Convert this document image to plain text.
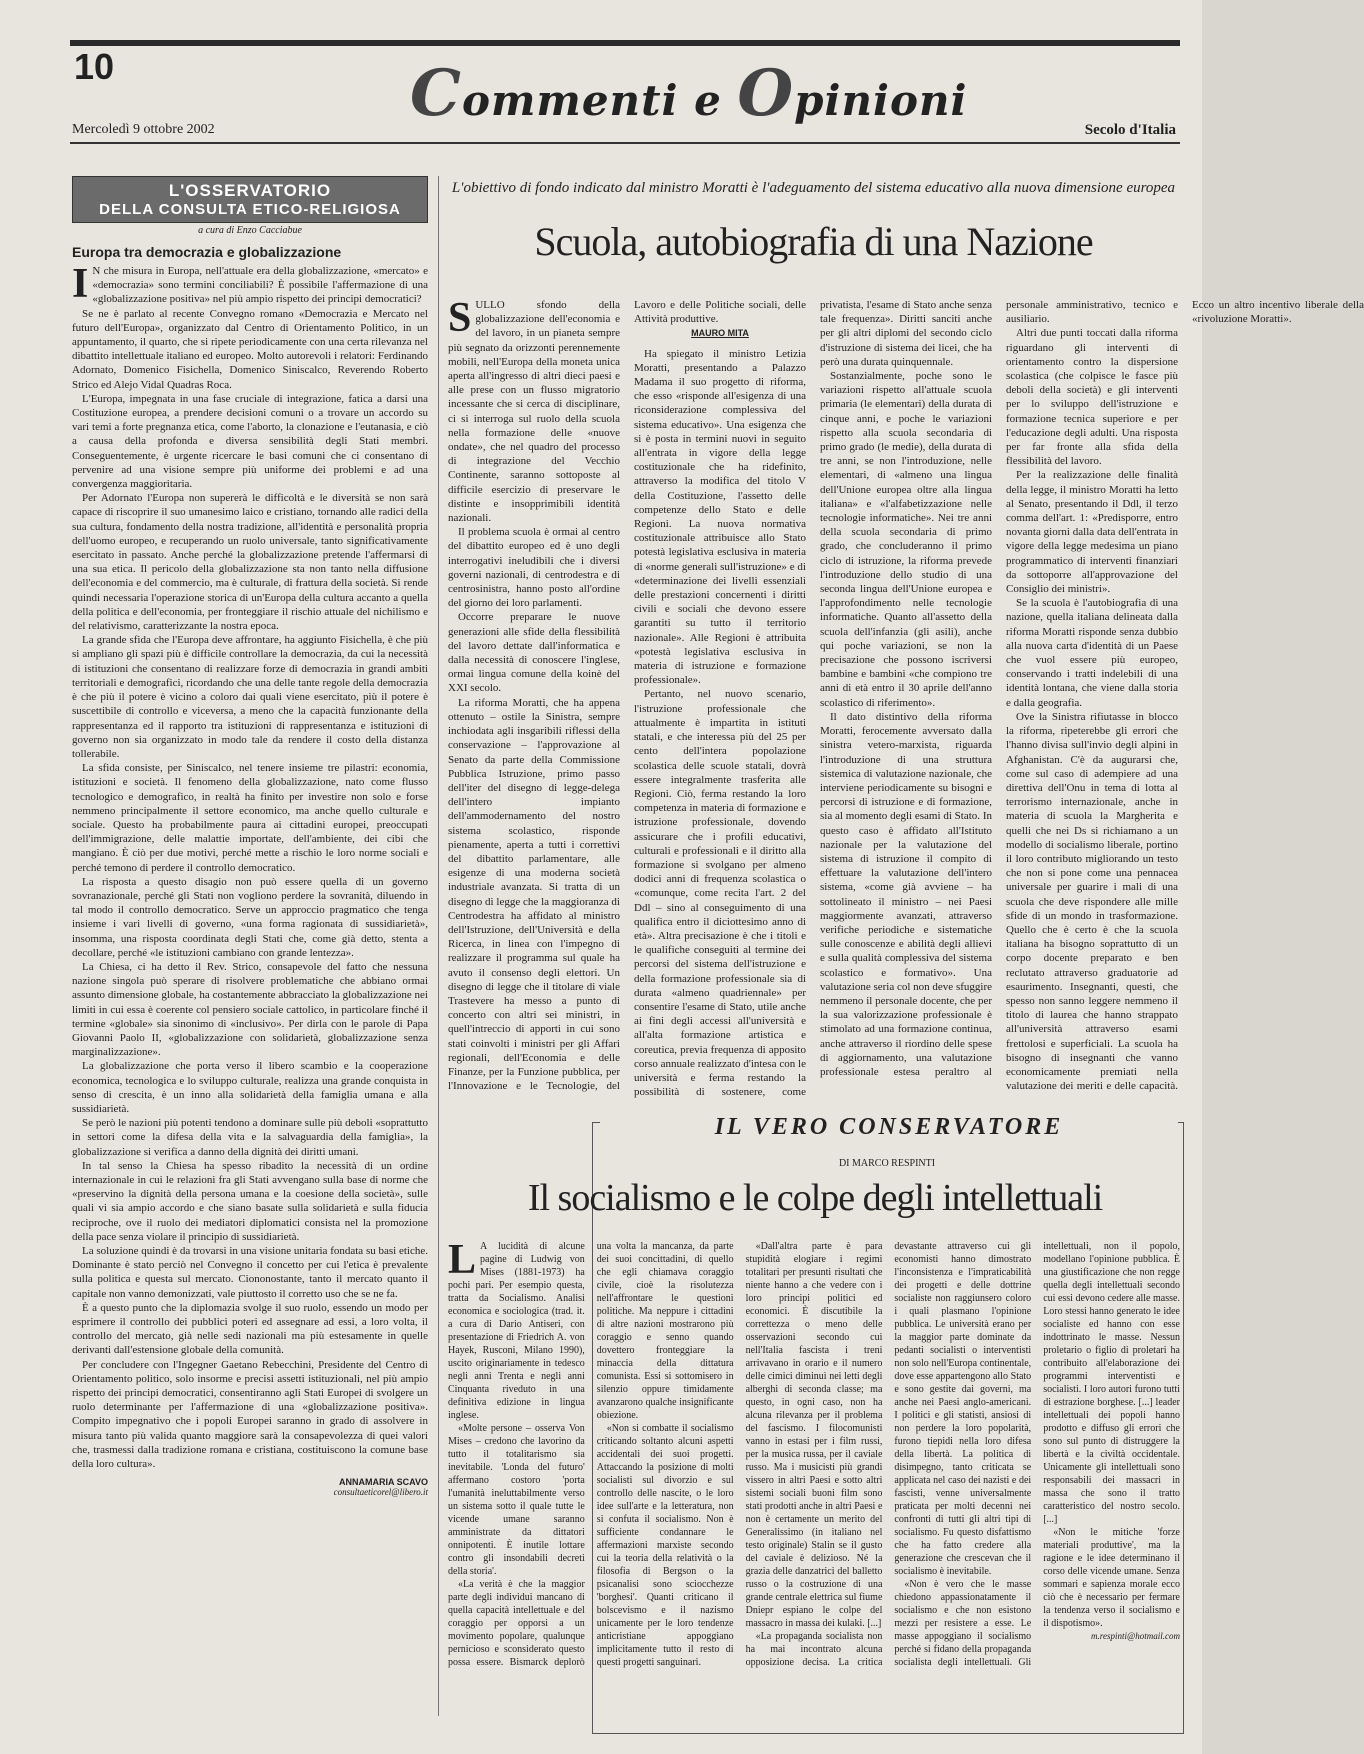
10	Commenti e Opinioni
Mercoledì 9 ottobre 2002	Secolo d'Italia
L'OSSERVATORIO
DELLA CONSULTA ETICO-RELIGIOSA
a cura di Enzo Cacciabue
Europa tra democrazia e globalizzazione
I N che misura in Europa, nell'attuale era della globalizzazione, «mercato» e «democrazia» sono termini conciliabili? È possibile l'affermazione di una «globalizzazione positiva» nel più ampio rispetto dei principi democratici?

Se ne è parlato al recente Convegno romano «Democrazia e Mercato nel futuro dell'Europa», organizzato dal Centro di Orientamento Politico, in un appuntamento, il quarto, che si ripete periodicamente con una certa rilevanza nel dibattito intellettuale italiano ed europeo. Molto autorevoli i relatori: Ferdinando Adornato, Domenico Fisichella, Domenico Siniscalco, Reverendo Roberto Strico ed Alejo Vidal Quadras Roca.

L'Europa, impegnata in una fase cruciale di integrazione, fatica a darsi una Costituzione europea, a prendere decisioni comuni o a trovare un accordo su vari temi a forte pregnanza etica, come l'aborto, la clonazione e l'eutanasia, e ciò a causa della profonda e diversa sensibilità degli Stati membri. Conseguentemente, è urgente ricercare le basi comuni che ci consentano di pervenire ad una visione sempre più uniforme dei problemi e ad una convergenza maggioritaria.

Per Adornato l'Europa non supererà le difficoltà e le diversità se non sarà capace di riscoprire il suo umanesimo laico e cristiano, tornando alle radici della sua cultura, fondamento della nostra tradizione, all'identità e personalità propria dell'uomo europeo, e recuperando un ruolo universale, tanto significativamente esercitato in passato. Anche perché la globalizzazione pretende l'affermarsi di una sua etica. Il pericolo della globalizzazione sta non tanto nella diffusione dell'economia e del commercio, ma è culturale, di frattura della società. Si rende quindi necessaria l'operazione storica di un'Europa della cultura accanto a quella della politica e dell'economia, per fronteggiare il rischio attuale del nichilismo e del relativismo, caratterizzante la nostra epoca.

La grande sfida che l'Europa deve affrontare, ha aggiunto Fisichella, è che più si ampliano gli spazi più è difficile controllare la democrazia, da cui la necessità di istituzioni che consentano di realizzare forze di democrazia in grandi ambiti territoriali e demografici, ricordando che una delle tante regole della democrazia è che più il potere è vicino a coloro dai quali viene esercitato, più il potere è suscettibile di controllo e viceversa, a meno che la capacità funzionante della rappresentanza ed il rapporto tra istituzioni di rappresentanza e istituzioni di governo non sia organizzato in modo tale da rendere il costo della distanza tollerabile.

La sfida consiste, per Siniscalco, nel tenere insieme tre pilastri: economia, istituzioni e società. Il fenomeno della globalizzazione, nato come flusso tecnologico e demografico, in realtà ha finito per investire non solo e forse nemmeno principalmente il settore economico, ma anche quello culturale e sociale. Questo ha probabilmente paura ai cittadini europei, preoccupati dell'immigrazione, delle malattie importate, dell'ambiente, dei cibi che mangiano. È ciò per due motivi, perché mette a rischio le loro norme sociali e perché temono di perdere il controllo democratico.

La risposta a questo disagio non può essere quella di un governo sovranazionale, perché gli Stati non vogliono perdere la sovranità, diluendo in tal modo il controllo democratico. Serve un approccio pragmatico che tenga insieme i vari livelli di governo, «una forma ragionata di sussidiarietà», insomma, una risposta coordinata degli Stati che, come già detto, stenta a decollare, perché «le istituzioni cambiano con grande lentezza».

La Chiesa, ci ha detto il Rev. Strico, consapevole del fatto che nessuna nazione singola può sperare di risolvere problematiche che abbiano ormai assunto dimensione globale, ha costantemente abbracciato la globalizzazione nei limiti in cui essa è coerente col pensiero sociale cattolico, in particolare finché il termine «globale» sia sinonimo di «inclusivo». Per dirla con le parole di Papa Giovanni Paolo II, «globalizzazione con solidarietà, globalizzazione senza marginalizzazione».

La globalizzazione che porta verso il libero scambio e la cooperazione economica, tecnologica e lo sviluppo culturale, realizza una grande conquista in senso di crescita, è un inno alla solidarietà della famiglia umana e alla sussidiarietà.

Se però le nazioni più potenti tendono a dominare sulle più deboli «soprattutto in settori come la difesa della vita e la salvaguardia della famiglia», la globalizzazione si verifica a danno della dignità dei diritti umani.

In tal senso la Chiesa ha spesso ribadito la necessità di un ordine internazionale in cui le relazioni fra gli Stati avvengano sulla base di norme che «preservino la dignità della persona umana e la coesione della società», sulle quali vi sia ampio accordo e che siano basate sulla solidarietà e sulla fiducia reciproche, ove il ruolo dei mediatori diplomatici consista nel la promozione della pace senza violare il principio di sussidiarietà.

La soluzione quindi è da trovarsi in una visione unitaria fondata su basi etiche. Dominante è stato perciò nel Convegno il concetto per cui l'etica è prevalente sulla politica e questa sul mercato. Ciononostante, tanto il mercato quanto il capitale non vanno demonizzati, vale piuttosto il corretto uso che se ne fa.

È a questo punto che la diplomazia svolge il suo ruolo, essendo un modo per esprimere il controllo dei pubblici poteri ed assegnare ad essi, a loro volta, il controllo del mercato, già nelle sedi nazionali ma più estesamente in quelle derivanti dall'estensione globale della comunità.

Per concludere con l'Ingegner Gaetano Rebecchini, Presidente del Centro di Orientamento politico, solo insorme e precisi assetti istituzionali, nel più ampio rispetto dei principi democratici, consentiranno agli Stati Europei di svolgere un ruolo determinante per l'affermazione di una «globalizzazione positiva». Compito impegnativo che i popoli Europei saranno in grado di assolvere in misura tanto più valida quanto maggiore sarà la consapevolezza di quei valori che, trasmessi dalla tradizione romana e cristiana, costituiscono la comune base della loro cultura».

ANNAMARIA SCAVO
consultaeticorel@libero.it
L'obiettivo di fondo indicato dal ministro Moratti è l'adeguamento del sistema educativo alla nuova dimensione europea
Scuola, autobiografia di una Nazione
S ULLO sfondo della globalizzazione dell'economia e del lavoro, in un pianeta sempre più segnato da orizzonti perennemente mobili, nell'Europa della moneta unica aperta all'ingresso di altri dieci paesi e alle prese con un flusso migratorio incessante che si cerca di disciplinare, ci si interroga sul ruolo della scuola nella formazione delle «nuove ondate», che nel quadro del processo di integrazione del Vecchio Continente, saranno sottoposte al difficile esercizio di preservare le distinte e insopprimibili identità nazionali.

Il problema scuola è ormai al centro del dibattito europeo ed è uno degli interrogativi ineludibili che i diversi governi nazionali, di centrodestra e di centrosinistra, hanno posto all'ordine del giorno dei loro parlamenti.

Occorre preparare le nuove generazioni alle sfide della flessibilità del lavoro dettate dall'informatica e dalla necessità di conoscere l'inglese, ormai lingua comune della koinè del XXI secolo.

La riforma Moratti, che ha appena ottenuto – ostile la Sinistra, sempre inchiodata agli insgaribili riflessi della conservazione – l'approvazione al Senato da parte della Commissione Pubblica Istruzione, primo passo dell'iter del disegno di legge-delega dell'intero impianto dell'ammodernamento del nostro sistema scolastico, risponde pienamente, aperta a tutti i correttivi del dibattito parlamentare, alle esigenze di una moderna società industriale avanzata. Si tratta di un disegno di legge che la maggioranza di Centrodestra ha affidato al ministro dell'Istruzione, dell'Università e della Ricerca, in linea con l'impegno di realizzare il programma sul quale ha avuto il consenso degli elettori. Un disegno di legge che il titolare di viale Trastevere ha messo a punto di concerto con altri sei ministri, in quell'intreccio di apporti in cui sono stati coinvolti i ministri per gli Affari regionali, dell'Economia e delle Finanze, per la Funzione pubblica, per l'Innovazione e le Tecnologie, del Lavoro e delle Politiche sociali, delle Attività produttive.

MAURO MITA

Ha spiegato il ministro Letizia Moratti, presentando a Palazzo Madama il suo progetto di riforma, che esso «risponde all'esigenza di una riconsiderazione complessiva del sistema educativo». Una esigenza che si è posta in termini nuovi in seguito all'entrata in vigore della legge costituzionale che ha ridefinito, attraverso la modifica del titolo V della Costituzione, l'assetto delle competenze dello Stato e delle Regioni. La nuova normativa costituzionale attribuisce allo Stato potestà legislativa esclusiva in materia di «norme generali sull'istruzione» e di «determinazione dei livelli essenziali delle prestazioni concernenti i diritti civili e sociali che devono essere garantiti su tutto il territorio nazionale». Alle Regioni è attribuita «potestà legislativa esclusiva in materia di istruzione e formazione professionale».

Pertanto, nel nuovo scenario, l'istruzione professionale che attualmente è impartita in istituti statali, e che interessa più del 25 per cento dell'intera popolazione scolastica delle scuole statali, dovrà essere integralmente trasferita alle Regioni. Ciò, ferma restando la loro competenza in materia di formazione e istruzione professionale, dovendo assicurare che i profili educativi, culturali e professionali e il diritto alla formazione si svolgano per almeno dodici anni di frequenza scolastica o «comunque, come recita l'art. 2 del Ddl – sino al conseguimento di una qualifica entro il diciottesimo anno di età». Altra precisazione è che i titoli e le qualifiche conseguiti al termine dei percorsi del sistema dell'istruzione e della formazione professionale sia di durata «almeno quadriennale» per consentire l'esame di Stato, utile anche ai fini degli accessi all'università e all'alta formazione artistica e coreutica, previa frequenza di apposito corso annuale realizzato d'intesa con le università e ferma restando la possibilità di sostenere, come privatista, l'esame di Stato anche senza tale frequenza». Diritti sanciti anche per gli altri diplomi del secondo ciclo d'istruzione di sistema dei licei, che ha però una durata quinquennale.

Sostanzialmente, poche sono le variazioni rispetto all'attuale scuola primaria (le elementari) della durata di cinque anni, e poche le variazioni rispetto alla scuola secondaria di primo grado (le medie), della durata di tre anni, se non l'introduzione, nelle elementari, di «almeno una lingua dell'Unione europea oltre alla lingua italiana» e «l'alfabetizzazione nelle tecnologie informatiche». Nei tre anni della scuola secondaria di primo grado, che concluderanno il primo ciclo di istruzione, la riforma prevede l'introduzione dello studio di una seconda lingua dell'Unione europea e l'approfondimento nelle tecnologie informatiche. Quanto all'assetto della scuola dell'infanzia (gli asili), anche qui poche variazioni, se non la precisazione che possono iscriversi bambine e bambini «che compiono tre anni di età entro il 30 aprile dell'anno scolastico di riferimento».

Il dato distintivo della riforma Moratti, ferocemente avversato dalla sinistra vetero-marxista, riguarda l'introduzione di una struttura sistemica di valutazione nazionale, che interviene periodicamente su bisogni e percorsi di istruzione e di formazione, sia al momento degli esami di Stato. In questo caso è affidato all'Istituto nazionale per la valutazione del sistema di istruzione il compito di effettuare la valutazione dell'intero sistema, «come già avviene – ha sottolineato il ministro – nei Paesi maggiormente avanzati, attraverso verifiche periodiche e sistematiche sulle conoscenze e abilità degli allievi e sulla qualità complessiva del sistema scolastico e formativo». Una valutazione seria col non deve sfuggire nemmeno il personale docente, che per la sua valorizzazione professionale è stimolato ad una formazione continua, anche attraverso il riordino delle spese di aggiornamento, una valutazione professionale estesa peraltro al personale amministrativo, tecnico e ausiliario.

Altri due punti toccati dalla riforma riguardano gli interventi di orientamento contro la dispersione scolastica (che colpisce le fasce più deboli della società) e gli interventi per lo sviluppo dell'istruzione e formazione tecnica superiore e per l'educazione degli adulti. Una risposta per far fronte alla sfida della flessibilità del lavoro.

Per la realizzazione delle finalità della legge, il ministro Moratti ha letto al Senato, presentando il Ddl, il terzo comma dell'art. 1: «Predisporre, entro novanta giorni dalla data dell'entrata in vigore della legge medesima un piano programmatico di interventi finanziari da sottoporre all'approvazione del Consiglio dei ministri».

Se la scuola è l'autobiografia di una nazione, quella italiana delineata dalla riforma Moratti risponde senza dubbio alla nuova carta d'identità di un Paese che vuol essere più europeo, conservando i tratti indelebili di una identità lontana, che viene dalla storia e dalla geografia.

Ove la Sinistra rifiutasse in blocco la riforma, ripeterebbe gli errori che l'hanno divisa sull'invio degli alpini in Afghanistan. C'è da augurarsi che, come sul caso di adempiere ad una direttiva dell'Onu in tema di lotta al terrorismo internazionale, anche in materia di scuola la Margherita e quelli che nei Ds si richiamano a un modello di socialismo liberale, portino il loro contributo migliorando un testo che non si pone come una pennacea universale per guarire i mali di una scuola che deve rispondere alle mille sfide di un mondo in trasformazione. Quello che è certo è che la scuola italiana ha bisogno soprattutto di un corpo docente preparato e ben reclutato attraverso graduatorie ad esaurimento. Insegnanti, questi, che spesso non sanno leggere nemmeno il titolo di laurea che hanno strappato all'università attraverso esami frettolosi e superficiali. La scuola ha bisogno di insegnanti che vanno economicamente premiati nella valutazione dei meriti e delle capacità. Ecco un altro incentivo liberale della «rivoluzione Moratti».

IL VERO CONSERVATORE
DI MARCO RESPINTI
Il socialismo e le colpe degli intellettuali
L A lucidità di alcune pagine di Ludwig von Mises (1881-1973) ha pochi pari. Per esempio questa, tratta da Socialismo. Analisi economica e sociologica (trad. it. a cura di Dario Antiseri, con presentazione di Friedrich A. von Hayek, Rusconi, Milano 1990), uscito originariamente in tedesco negli anni Trenta e negli anni Cinquanta riveduto in una definitiva edizione in lingua inglese.

«Molte persone – osserva Von Mises – credono che lavorino da tutto il totalitarismo sia inevitabile. 'Londa del futuro' affermano costoro 'porta l'umanità ineluttabilmente verso un sistema sotto il quale tutte le vicende umane saranno amministrate da dittatori onnipotenti. È inutile lottare contro gli insondabili decreti della storia'.

«La verità è che la maggior parte degli individui mancano di quella capacità intellettuale e del coraggio per opporsi a un movimento popolare, qualunque pernicioso e sconsiderato questo possa essere. Bismarck deplorò una volta la mancanza, da parte dei suoi concittadini, di quello che egli chiamava coraggio civile, cioè la risolutezza nell'affrontare le questioni politiche. Ma neppure i cittadini di altre nazioni mostrarono più coraggio e senno quando dovettero fronteggiare la minaccia della dittatura comunista. Essi si sottomisero in silenzio oppure timidamente avanzarono qualche insignificante obiezione.

«Non si combatte il socialismo criticando soltanto alcuni aspetti accidentali dei suoi progetti. Attaccando la posizione di molti socialisti sul divorzio e sul controllo delle nascite, o le loro idee sull'arte e la letteratura, non si confuta il socialismo. Non è sufficiente condannare le affermazioni marxiste secondo cui la teoria della relatività o la filosofia di Bergson o la psicanalisi sono sciocchezze 'borghesi'. Quanti criticano il bolscevismo e il nazismo unicamente per le loro tendenze anticristiane appoggiano implicitamente tutto il resto di questi progetti sanguinari.

«Dall'altra parte è para stupidità elogiare i regimi totalitari per presunti risultati che niente hanno a che vedere con i loro principi politici ed economici. È discutibile la correttezza o meno delle osservazioni secondo cui nell'Italia fascista i treni arrivavano in orario e il numero delle cimici diminuì nei letti degli alberghi di seconda classe; ma questo, in ogni caso, non ha alcuna rilevanza per il problema del fascismo. I filocomunisti vanno in estasi per i film russi, per la musica russa, per il caviale russo. Ma i musicisti più grandi vissero in altri Paesi e sotto altri sistemi sociali buoni film sono stati prodotti anche in altri Paesi e non è certamente un merito del Generalissimo (in italiano nel testo originale) Stalin se il gusto del caviale è delizioso. Né la grazia delle danzatrici del balletto russo o la costruzione di una grande centrale elettrica sul fiume Dniepr espiano le colpe del massacro in massa dei kulaki. [...]

«La propaganda socialista non ha mai incontrato alcuna opposizione decisa. La critica devastante attraverso cui gli economisti hanno dimostrato l'inconsistenza e l'impraticabilità dei progetti e delle dottrine socialiste non raggiunsero coloro i quali plasmano l'opinione pubblica. Le università erano per la maggior parte dominate da pedanti socialisti o interventisti non solo nell'Europa continentale, dove esse appartengono allo Stato e sono gestite dai governi, ma anche nei Paesi anglo-americani. I politici e gli statisti, ansiosi di non perdere la loro popolarità, furono tiepidi nella loro difesa della libertà. La politica di disimpegno, tanto criticata se applicata nel caso dei nazisti e dei fascisti, venne universalmente praticata per molti decenni nei confronti di tutti gli altri tipi di socialismo. Fu questo disfattismo che ha fatto credere alla generazione che crescevan che il socialismo è inevitabile.

«Non è vero che le masse chiedono appassionatamente il socialismo e che non esistono mezzi per resistere a esse. Le masse appoggiano il socialismo perché si fidano della propaganda socialista degli intellettuali. Gli intellettuali, non il popolo, modellano l'opinione pubblica. È una giustificazione che non regge quella degli intellettuali secondo cui essi devono cedere alle masse. Loro stessi hanno generato le idee socialiste ed hanno con esse indottrinato le masse. Nessun proletario o figlio di proletari ha contribuito all'elaborazione dei programmi interventisti e socialisti. I loro autori furono tutti di estrazione borghese. [...] leader intellettuali dei popoli hanno prodotto e diffuso gli errori che sono sul punto di distruggere la libertà e la civiltà occidentale. Unicamente gli intellettuali sono responsabili dei massacri in massa che sono il tratto caratteristico del nostro secolo. [...]

«Non le mitiche 'forze materiali produttive', ma la ragione e le idee determinano il corso delle vicende umane. Senza sommari e sapienza morale ecco ciò che è necessario per fermare la tendenza verso il socialismo e il dispotismo».

m.respinti@hotmail.com
